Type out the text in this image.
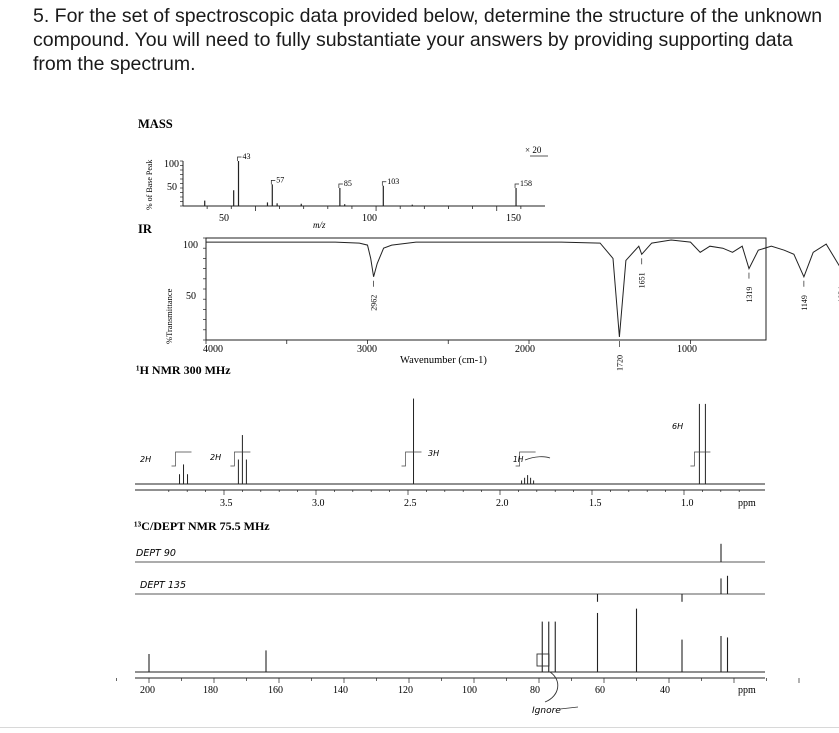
5. For the set of spectroscopic data provided below, determine the structure of the unknown compound. You will need to fully substantiate your answers by providing supporting data from the spectrum.

MASS
% of Base Peak 100
50
43
57	85	103	158
50	100	150
m/z
× 20
IR
%Transmittance
100
50
4000	3000	2000	1000
Wavenumber (cm-1)
2962
1720
1651
1319
1149
¹H NMR 300 MHz
3.5	3.0	2.5	2.0	1.5	1.0	ppm
2H	2H	3H
1H
6H
¹³C/DEPT NMR 75.5 MHz
DEPT 90
DEPT 135
200	180	160	140	120	100	80	60	40	ppm
Ignore
